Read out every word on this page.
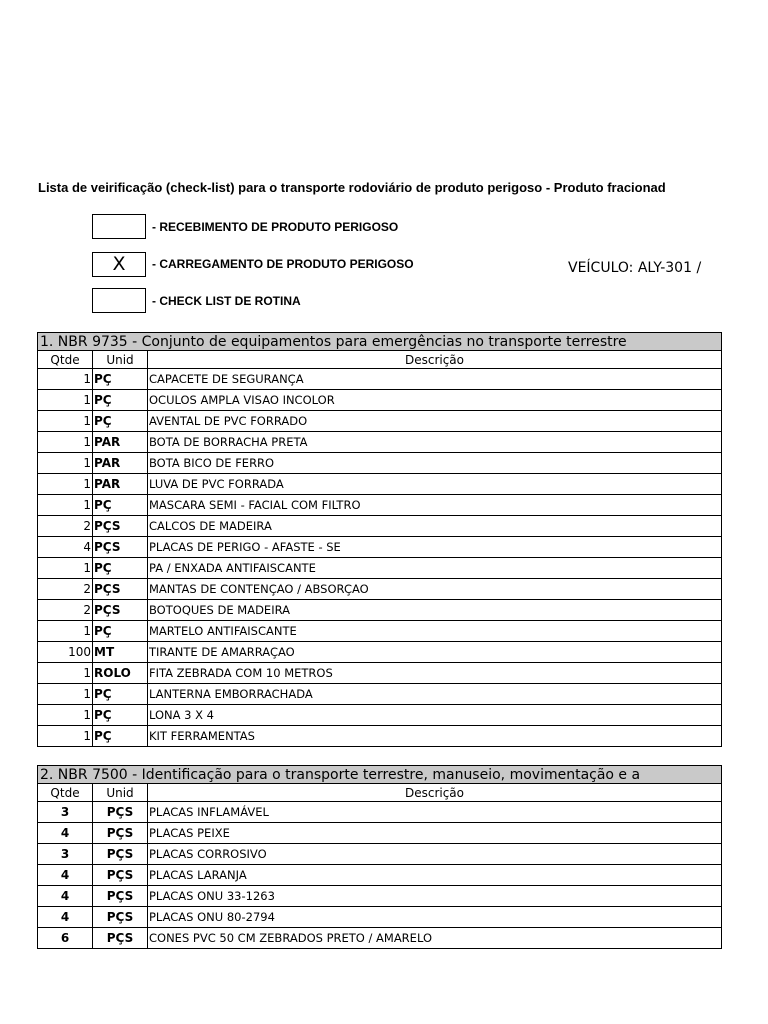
Lista de veirificação (check-list) para o transporte rodoviário de produto perigoso - Produto fracionad
- RECEBIMENTO DE PRODUTO PERIGOSO
X	- CARREGAMENTO DE PRODUTO PERIGOSO
- CHECK LIST DE ROTINA
VEÍCULO: ALY-301 /
1. NBR 9735 - Conjunto de equipamentos para emergências no transporte terrestre		
Qtde	Unid	Descrição
1	PÇ	CAPACETE DE SEGURANÇA
1	PÇ	OCULOS AMPLA VISAO INCOLOR
1	PÇ	AVENTAL DE PVC FORRADO
1	PAR	BOTA DE BORRACHA PRETA
1	PAR	BOTA BICO DE FERRO
1	PAR	LUVA DE PVC FORRADA
1	PÇ	MASCARA SEMI - FACIAL COM FILTRO
2	PÇS	CALCOS DE MADEIRA
4	PÇS	PLACAS DE PERIGO - AFASTE - SE
1	PÇ	PA / ENXADA ANTIFAISCANTE
2	PÇS	MANTAS DE CONTENÇAO / ABSORÇAO
2	PÇS	BOTOQUES DE MADEIRA
1	PÇ	MARTELO ANTIFAISCANTE
100	MT	TIRANTE DE AMARRAÇAO
1	ROLO	FITA ZEBRADA COM 10 METROS
1	PÇ	LANTERNA EMBORRACHADA
1	PÇ	LONA 3 X 4
1	PÇ	KIT FERRAMENTAS
2. NBR 7500 - Identificação para o transporte terrestre, manuseio, movimentação e a		
Qtde	Unid	Descrição
3	PÇS	PLACAS INFLAMÁVEL
4	PÇS	PLACAS PEIXE
3	PÇS	PLACAS CORROSIVO
4	PÇS	PLACAS LARANJA
4	PÇS	PLACAS ONU 33-1263
4	PÇS	PLACAS ONU 80-2794
6	PÇS	CONES PVC 50 CM ZEBRADOS PRETO / AMARELO
